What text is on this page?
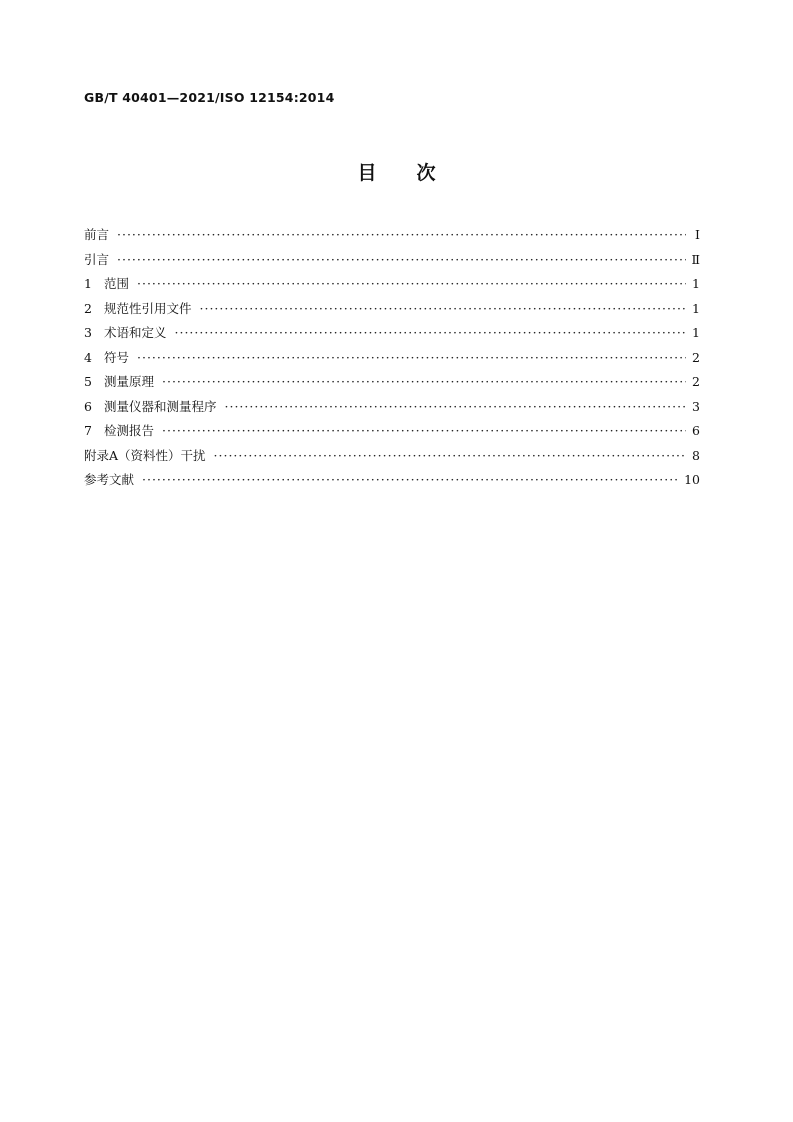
GB/T 40401—2021/ISO 12154:2014
目 次
前言 ·····	Ⅰ
引言 ·····	Ⅱ
1 范围 ·····	1
2 规范性引用文件 ·····	1
3 术语和定义 ·····	1
4 符号 ·····	2
5 测量原理 ·····	2
6 测量仪器和测量程序 ·····	3
7 检测报告 ·····	6
附录A（资料性）干扰 ·····	8
参考文献 ·····	10
